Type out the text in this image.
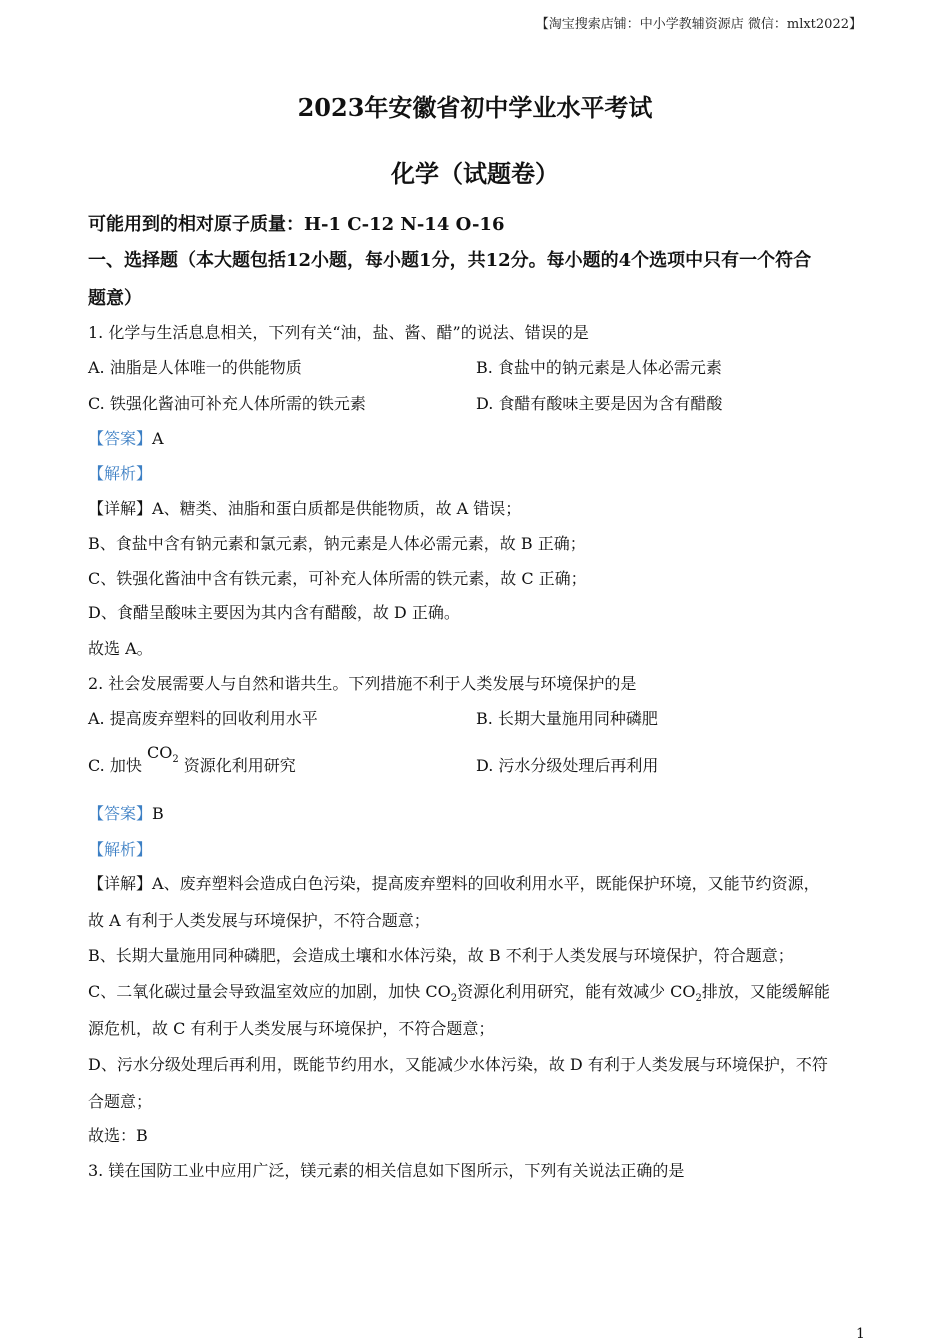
【淘宝搜索店铺：中小学教辅资源店 微信：mlxt2022】
2023年安徽省初中学业水平考试
化学（试题卷）
可能用到的相对原子质量：H-1 C-12 N-14 O-16
一、选择题（本大题包括12小题，每小题1分，共12分。每小题的4个选项中只有一个符合
题意）
1. 化学与生活息息相关，下列有关“油，盐、酱、醋”的说法、错误的是
A. 油脂是人体唯一的供能物质	B. 食盐中的钠元素是人体必需元素
C. 铁强化酱油可补充人体所需的铁元素	D. 食醋有酸味主要是因为含有醋酸
【答案】A
【解析】
【详解】A、糖类、油脂和蛋白质都是供能物质，故 A 错误；
B、食盐中含有钠元素和氯元素，钠元素是人体必需元素，故 B 正确；
C、铁强化酱油中含有铁元素，可补充人体所需的铁元素，故 C 正确；
D、食醋呈酸味主要因为其内含有醋酸，故 D 正确。
故选 A。
2. 社会发展需要人与自然和谐共生。下列措施不利于人类发展与环境保护的是
A. 提高废弃塑料的回收利用水平	B. 长期大量施用同种磷肥
C. 加快 $CO_2$ 资源化利用研究	D. 污水分级处理后再利用
【答案】B
【解析】
【详解】A、废弃塑料会造成白色污染，提高废弃塑料的回收利用水平，既能保护环境，又能节约资源，
故 A 有利于人类发展与环境保护，不符合题意；
B、长期大量施用同种磷肥，会造成土壤和水体污染，故 B 不利于人类发展与环境保护，符合题意；
C、二氧化碳过量会导致温室效应的加剧，加快 $CO_2$资源化利用研究，能有效减少 $CO_2$排放，又能缓解能
源危机，故 C 有利于人类发展与环境保护，不符合题意；
D、污水分级处理后再利用，既能节约用水，又能减少水体污染，故 D 有利于人类发展与环境保护，不符
合题意；
故选：B
3. 镁在国防工业中应用广泛，镁元素的相关信息如下图所示，下列有关说法正确的是
1
